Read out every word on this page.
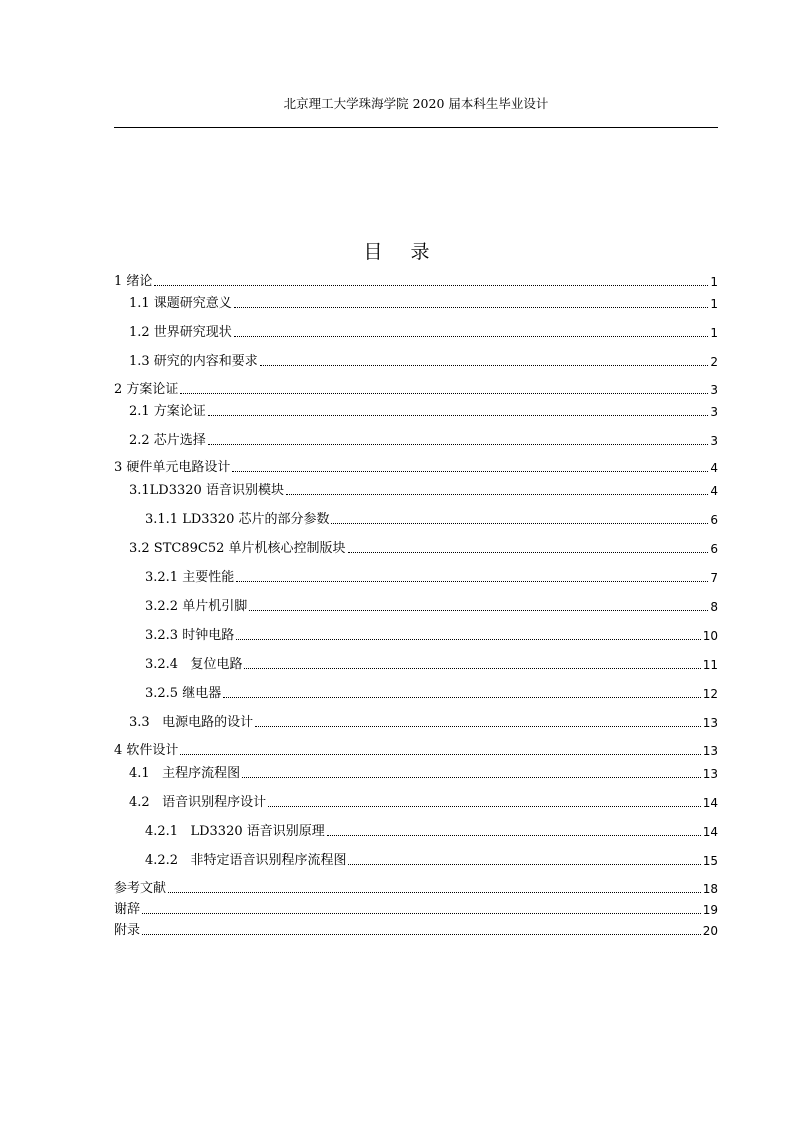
北京理工大学珠海学院 2020 届本科生毕业设计
目 录
1 绪论	1
1.1 课题研究意义	1
1.2 世界研究现状	1
1.3 研究的内容和要求	2
2 方案论证	3
2.1 方案论证	3
2.2 芯片选择	3
3 硬件单元电路设计	4
3.1LD3320 语音识别模块	4
3.1.1 LD3320 芯片的部分参数	6
3.2 STC89C52 单片机核心控制版块	6
3.2.1 主要性能	7
3.2.2 单片机引脚	8
3.2.3 时钟电路	10
3.2.4   复位电路	11
3.2.5 继电器	12
3.3   电源电路的设计	13
4 软件设计	13
4.1   主程序流程图	13
4.2   语音识别程序设计	14
4.2.1   LD3320 语音识别原理	14
4.2.2   非特定语音识别程序流程图	15
参考文献	18
谢辞	19
附录	20
